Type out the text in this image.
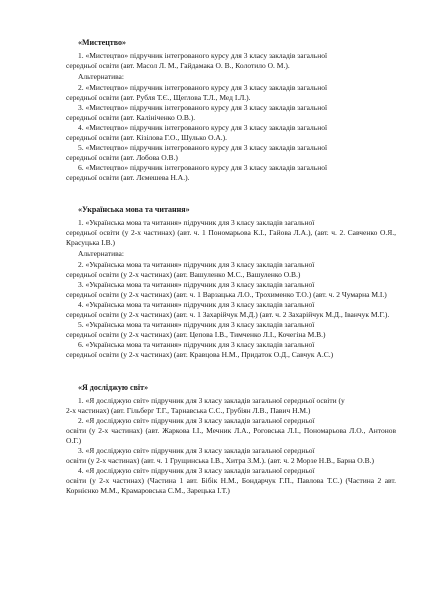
«Мистецтво»
1. «Мистецтво» підручник інтегрованого курсу для 3 класу закладів загальної
середньої освіти (авт. Масол Л. М., Гайдамака О. В., Колотило О. М.).
Альтернатива:
2. «Мистецтво» підручник інтегрованого курсу для 3 класу закладів загальної
середньої освіти (авт. Рубля Т.Є., Щеглова Т.Л., Мед І.Л.).
3. «Мистецтво» підручник інтегрованого курсу для 3 класу закладів загальної
середньої освіти (авт. Калініченко О.В.).
4. «Мистецтво» підручник інтегрованого курсу для 3 класу закладів загальної
середньої освіти (авт. Кізілова Г.О., Шулько О.А.).
5. «Мистецтво» підручник інтегрованого курсу для 3 класу закладів загальної
середньої освіти (авт. Лобова О.В.)
6. «Мистецтво» підручник інтегрованого курсу для 3 класу закладів загальної
середньої освіти (авт. Лємешева Н.А.).
«Українська мова та читання»
1. «Українська мова та читання» підручник для 3 класу закладів загальної
середньої освіти (у 2-х частинах) (авт. ч. 1 Пономарьова К.І., Гайова Л.А.), (авт. ч. 2. Савченко О.Я., Красуцька І.В.)
Альтернатива:
2. «Українська мова та читання» підручник для 3 класу закладів загальної
середньої освіти (у 2-х частинах) (авт. Вашуленко М.С., Вашуленко О.В.)
3. «Українська мова та читання» підручник для 3 класу закладів загальної
середньої освіти (у 2-х частинах) (авт. ч. 1 Варзацька Л.О., Трохименко Т.О.) (авт. ч. 2 Чумарна М.І.)
4. «Українська мова та читання» підручник для 3 класу закладів загальної
середньої освіти (у 2-х частинах) (авт. ч. 1 Захарійчук М.Д.) (авт. ч. 2 Захарійчук М.Д., Іванчук М.Г.).
5. «Українська мова та читання» підручник для 3 класу закладів загальної
середньої освіти (у 2-х частинах) (авт. Цепова І.В., Тимченко Л.І., Кочегіна М.В.)
6. «Українська мова та читання» підручник для 3 класу закладів загальної
середньої освіти (у 2-х частинах) (авт. Кравцова Н.М., Придаток О.Д., Савчук А.С.)
«Я досліджую світ»
1. «Я досліджую світ» підручник для 3 класу закладів загальної середньої освіти (у
2-х частинах) (авт. Гільберг Т.Г., Тарнавська С.С., Грубіян Л.В., Павич Н.М.)
2. «Я досліджую світ» підручник для 3 класу закладів загальної середньої
освіти (у 2-х частинах) (авт. Жаркова І.І., Мечник Л.А., Роговська Л.І., Пономарьова Л.О., Антонов О.Г.)
3. «Я досліджую світ» підручник для 3 класу закладів загальної середньої
освіти (у 2-х частинах) (авт. ч. 1 Грущинська І.В., Хитра З.М.). (авт. ч. 2 Морзе Н.В., Барна О.В.)
4. «Я досліджую світ» підручник для 3 класу закладів загальної середньої
освіти (у 2-х частинах) (Частина 1 авт. Бібік Н.М., Бондарчук Г.П., Павлова Т.С.) (Частина 2 авт. Корнієнко М.М., Крамаровська С.М., Зарецька І.Т.)
